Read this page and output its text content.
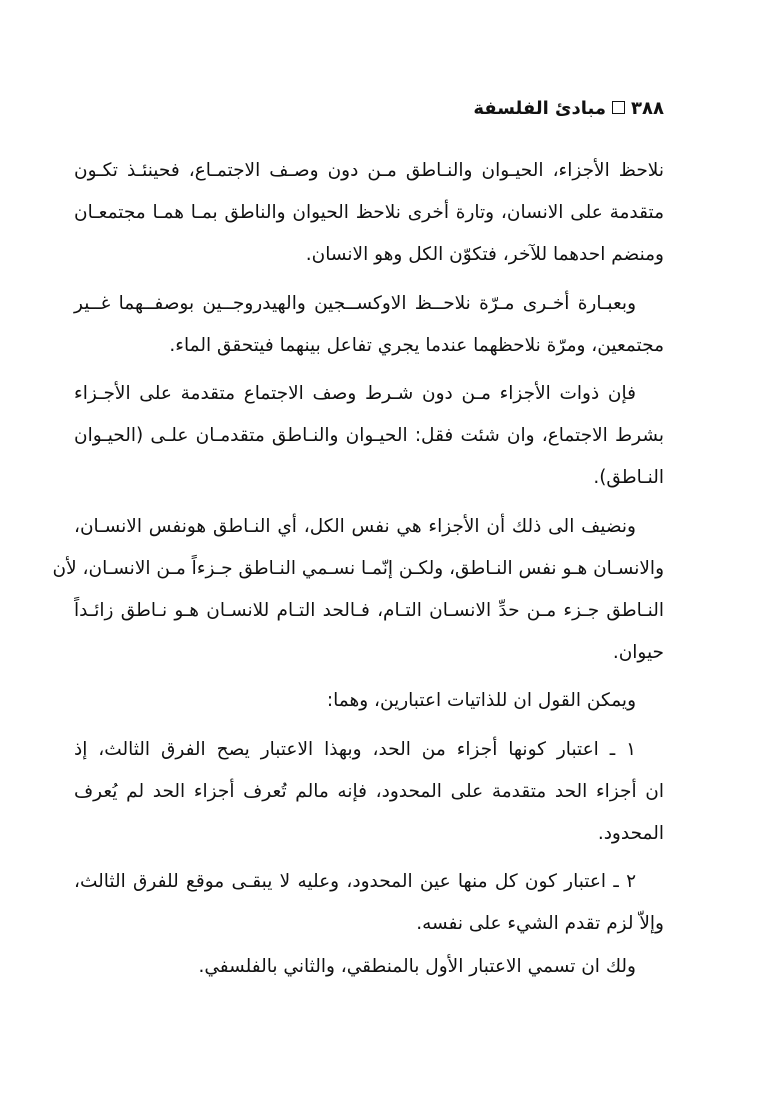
٣٨٨مبادئ الفلسفة

نلاحظ الأجزاء، الحيـوان والنـاطق مـن دون وصـف الاجتمـاع، فحينئـذ تكـون
متقدمة على الانسان، وتارة أخرى نلاحظ الحيوان والناطق بمـا همـا مجتمعـان
ومنضم احدهما للآخر، فتكوّن الكل وهو الانسان.

وبعبـارة أخـرى مـرّة نلاحــظ الاوكســجين والهيدروجــين بوصفــهما غــير
مجتمعين، ومرّة نلاحظهما عندما يجري تفاعل بينهما فيتحقق الماء.

فإن ذوات الأجزاء مـن دون شـرط وصف الاجتماع متقدمة على الأجـزاء
بشرط الاجتماع، وان شئت فقل: الحيـوان والنـاطق متقدمـان علـى (الحيـوان
النـاطق).

ونضيف الى ذلك أن الأجزاء هي نفس الكل، أي النـاطق هونفس الانسـان،
والانسـان هـو نفس النـاطق، ولكـن إنّمـا نسـمي النـاطق جـزءاً مـن الانسـان، لأن
النـاطق جـزء مـن حدِّ الانسـان التـام، فـالحد التـام للانسـان هـو نـاطق زائـداً
حيوان.

ويمكن القول ان للذاتيات اعتبارين، وهما:

١ ـ اعتبار كونها أجزاء من الحد، وبهذا الاعتبار يصح الفرق الثالث، إذ
ان أجزاء الحد متقدمة على المحدود، فإنه مالم تُعرف أجزاء الحد لم يُعرف
المحدود.

٢ ـ اعتبار كون كل منها عين المحدود، وعليه لا يبقـى موقع للفرق الثالث،
وإلاّ لزم تقدم الشيء على نفسه.

ولك ان تسمي الاعتبار الأول بالمنطقي، والثاني بالفلسفي.
